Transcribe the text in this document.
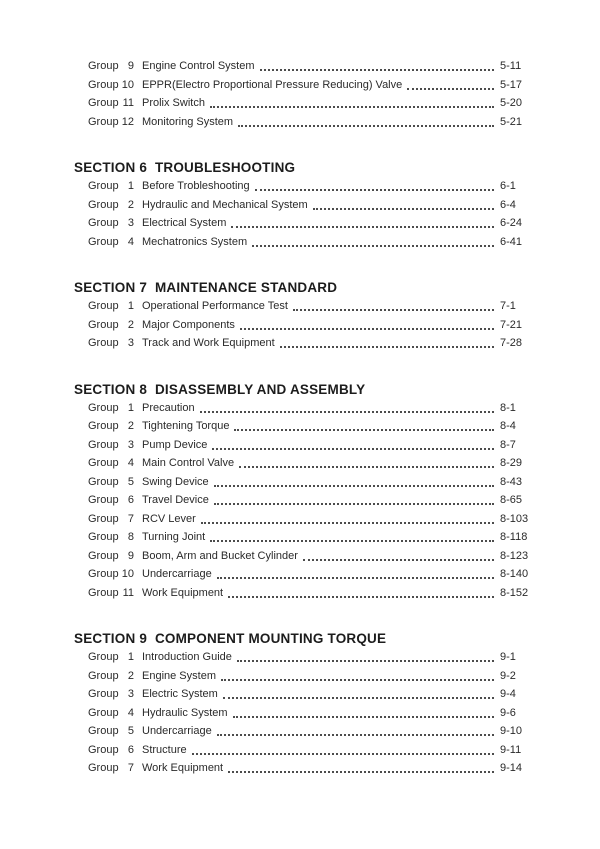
Group 9 Engine Control System	5-11
Group 10 EPPR(Electro Proportional Pressure Reducing) Valve	5-17
Group 11 Prolix Switch	5-20
Group 12 Monitoring System	5-21
SECTION 6  TROUBLESHOOTING
Group 1 Before Trobleshooting	6-1
Group 2 Hydraulic and Mechanical System	6-4
Group 3 Electrical System	6-24
Group 4 Mechatronics System	6-41
SECTION 7  MAINTENANCE STANDARD
Group 1 Operational Performance Test	7-1
Group 2 Major Components	7-21
Group 3 Track and Work Equipment	7-28
SECTION 8  DISASSEMBLY AND ASSEMBLY
Group 1 Precaution	8-1
Group 2 Tightening Torque	8-4
Group 3 Pump Device	8-7
Group 4 Main Control Valve	8-29
Group 5 Swing Device	8-43
Group 6 Travel Device	8-65
Group 7 RCV Lever	8-103
Group 8 Turning Joint	8-118
Group 9 Boom, Arm and Bucket Cylinder	8-123
Group 10 Undercarriage	8-140
Group 11 Work Equipment	8-152
SECTION 9  COMPONENT MOUNTING TORQUE
Group 1 Introduction Guide	9-1
Group 2 Engine System	9-2
Group 3 Electric System	9-4
Group 4 Hydraulic System	9-6
Group 5 Undercarriage	9-10
Group 6 Structure	9-11
Group 7 Work Equipment	9-14
